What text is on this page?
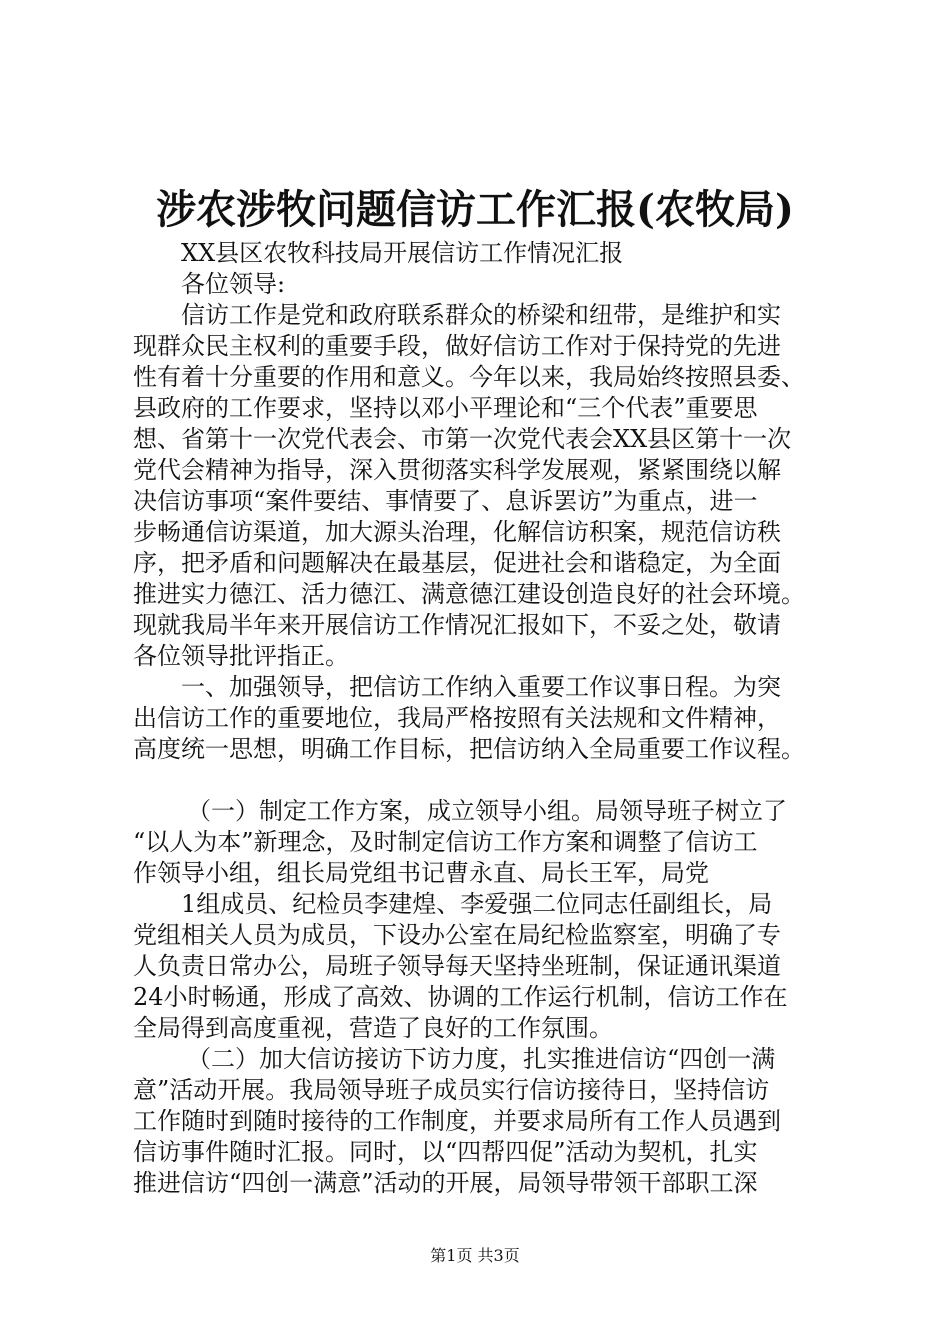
涉农涉牧问题信访工作汇报(农牧局)
XX县区农牧科技局开展信访工作情况汇报
各位领导:
信访工作是党和政府联系群众的桥梁和纽带，是维护和实
现群众民主权利的重要手段，做好信访工作对于保持党的先进
性有着十分重要的作用和意义。今年以来，我局始终按照县委、
县政府的工作要求，坚持以邓小平理论和“三个代表”重要思
想、省第十一次党代表会、市第一次党代表会XX县区第十一次
党代会精神为指导，深入贯彻落实科学发展观，紧紧围绕以解
决信访事项“案件要结、事情要了、息诉罢访”为重点，进一
步畅通信访渠道，加大源头治理，化解信访积案，规范信访秩
序，把矛盾和问题解决在最基层，促进社会和谐稳定，为全面
推进实力德江、活力德江、满意德江建设创造良好的社会环境。
现就我局半年来开展信访工作情况汇报如下，不妥之处，敬请
各位领导批评指正。
一、加强领导，把信访工作纳入重要工作议事日程。为突
出信访工作的重要地位，我局严格按照有关法规和文件精神，
高度统一思想，明确工作目标，把信访纳入全局重要工作议程。
（一）制定工作方案，成立领导小组。局领导班子树立了
“以人为本”新理念，及时制定信访工作方案和调整了信访工
作领导小组，组长局党组书记曹永直、局长王军，局党
1组成员、纪检员李建煌、李爱强二位同志任副组长，局
党组相关人员为成员，下设办公室在局纪检监察室，明确了专
人负责日常办公，局班子领导每天坚持坐班制，保证通讯渠道
24小时畅通，形成了高效、协调的工作运行机制，信访工作在
全局得到高度重视，营造了良好的工作氛围。
（二）加大信访接访下访力度，扎实推进信访“四创一满
意”活动开展。我局领导班子成员实行信访接待日，坚持信访
工作随时到随时接待的工作制度，并要求局所有工作人员遇到
信访事件随时汇报。同时，以“四帮四促”活动为契机，扎实
推进信访“四创一满意”活动的开展，局领导带领干部职工深
第1页 共3页
